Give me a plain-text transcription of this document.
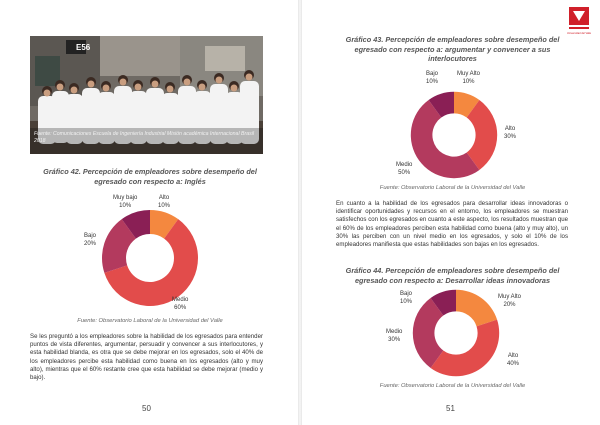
E56
Fuente: Comunicaciones Escuela de Ingeniería Industrial Misión académica Internacional Brasil 2018
Gráfico 42. Percepción de empleadores sobre desempeño del egresado con respecto a: Inglés
Muy bajo
10%
Alto
10%
Bajo
20%
Medio
60%
Fuente: Observatorio Laboral de la Universidad del Valle
Se les preguntó a los empleadores sobre la habilidad de los egresados para entender puntos de vista diferentes, argumentar, persuadir y convencer a sus interlocutores, y esta habilidad blanda, es otra que se debe mejorar en los egresados, solo el 40% de los empleadores percibe esta habilidad como buena en los egresados (alto y muy alto), mientras que el 60% restante cree que esta habilidad se debe mejorar (medio y bajo).
50
Gráfico 43. Percepción de empleadores sobre desempeño del egresado con respecto a: argumentar y convencer a sus interlocutores
Bajo
10%
Muy Alto
10%
Alto
30%
Medio
50%
Fuente: Observatorio Laboral de la Universidad del Valle
En cuanto a la habilidad de los egresados para desarrollar ideas innovadoras o identificar oportunidades y recursos en el entorno, los empleadores se muestran satisfechos con los egresados en cuanto a este aspecto, los resultados muestran que el 60% de los empleadores perciben esta habilidad como buena (alto y muy alto), un 30% las perciben con un nivel medio en los egresados, y solo el 10% de los empleadores manifiesta que estas habilidades son bajas en los egresados.
Gráfico 44. Percepción de empleadores sobre desempeño del egresado con respecto a: Desarrollar ideas innovadoras
Bajo
10%
Muy Alto
20%
Medio
30%
Alto
40%
Fuente: Observatorio Laboral de la Universidad del Valle
51
Universidad del Valle
